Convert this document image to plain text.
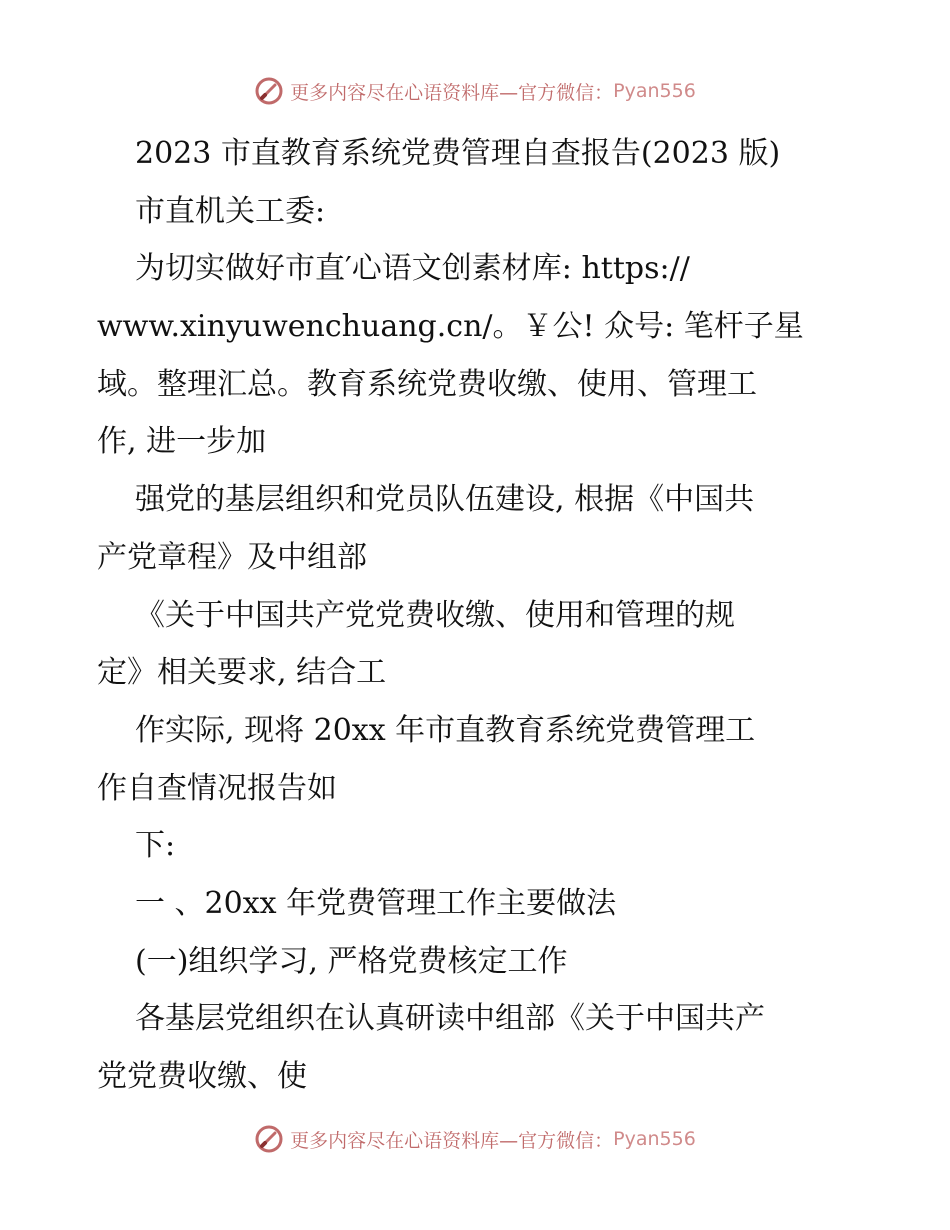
更多内容尽在心语资料库—官方微信： Pyan556
2023 市直教育系统党费管理自查报告(2023 版)
市直机关工委:
为切实做好市直′心语文创素材库: https://
www.xinyuwenchuang.cn/。￥公! 众号: 笔杆子星
域。整理汇总。教育系统党费收缴、使用、管理工
作, 进一步加
强党的基层组织和党员队伍建设, 根据《中国共
产党章程》及中组部
《关于中国共产党党费收缴、使用和管理的规
定》相关要求, 结合工
作实际, 现将 20xx 年市直教育系统党费管理工
作自查情况报告如
下:
一 、20xx 年党费管理工作主要做法
(一)组织学习, 严格党费核定工作
各基层党组织在认真研读中组部《关于中国共产
党党费收缴、使
更多内容尽在心语资料库—官方微信： Pyan556
